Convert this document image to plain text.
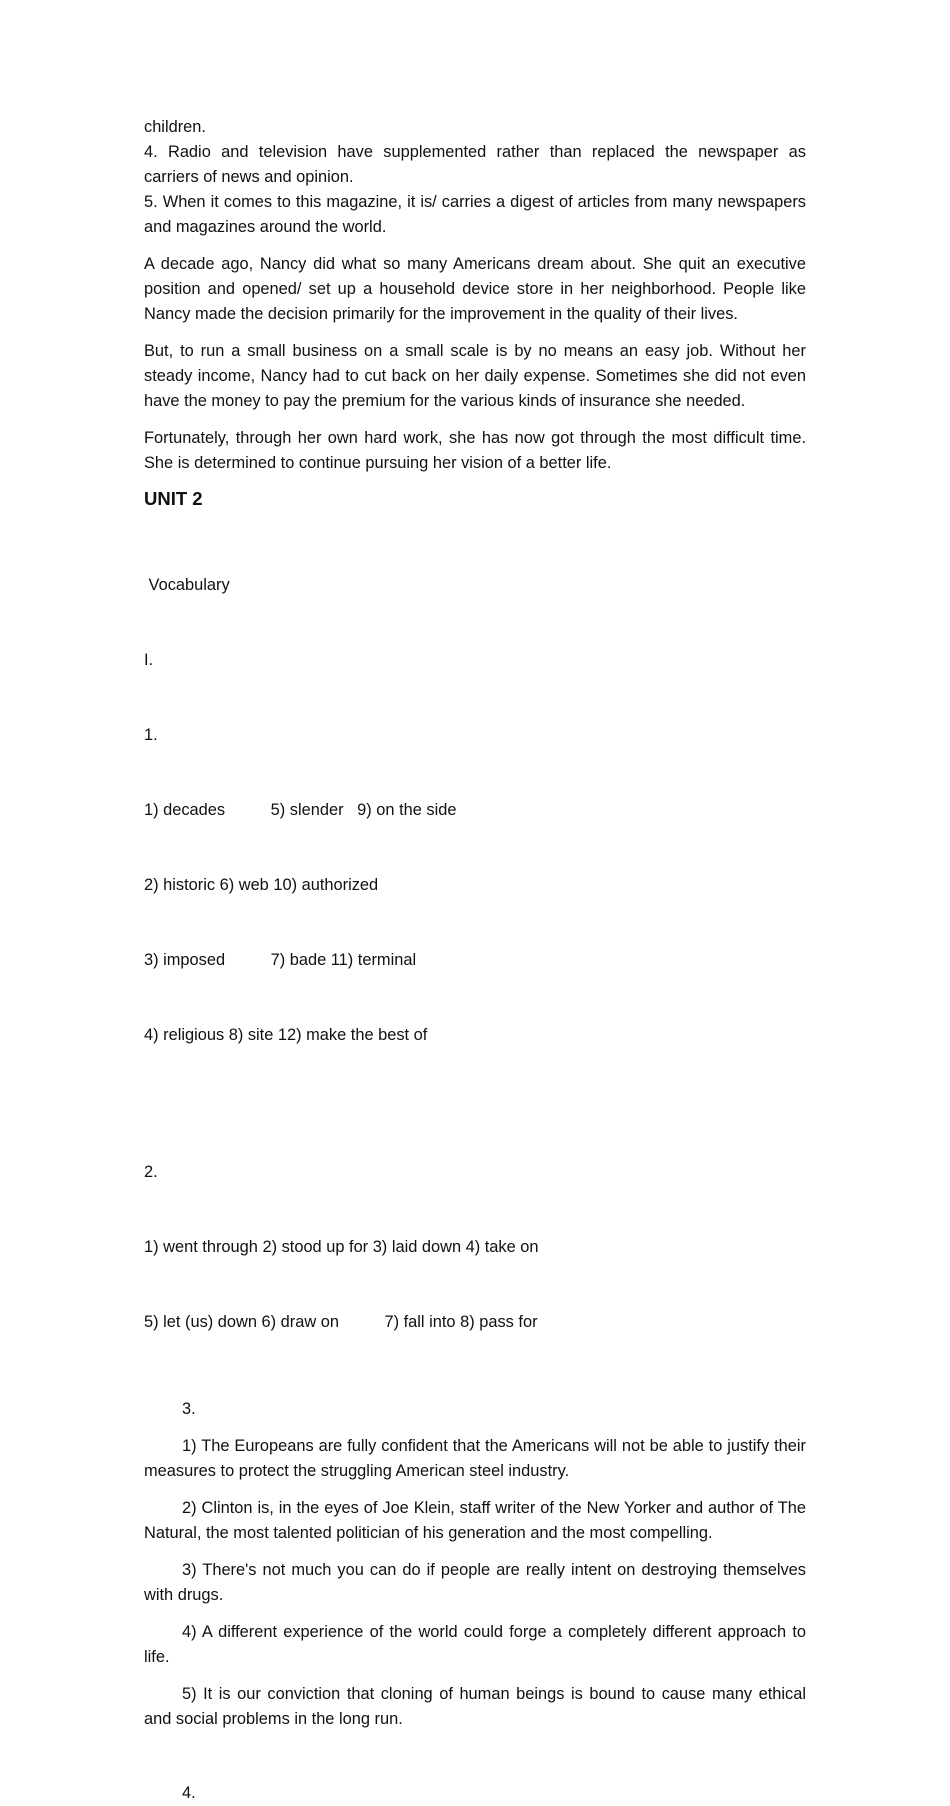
children.
4. Radio and television have supplemented rather than replaced the newspaper as
carriers of news and opinion.
5. When it comes to this magazine, it is/ carries a digest of articles from many newspapers
and magazines around the world.

A decade ago, Nancy did what so many Americans dream about. She quit an executive position and opened/ set up a household device store in her neighborhood. People like Nancy made the decision primarily for the improvement in the quality of their lives.

But, to run a small business on a small scale is by no means an easy job. Without her steady income, Nancy had to cut back on her daily expense. Sometimes she did not even have the money to pay the premium for the various kinds of insurance she needed.

Fortunately, through her own hard work, she has now got through the most difficult time. She is determined to continue pursuing her vision of a better life.

UNIT 2

Vocabulary

I.

1.

1) decades          5) slender   9) on the side

2) historic 6) web 10) authorized

3) imposed          7) bade 11) terminal

4) religious 8) site 12) make the best of

2.

1) went through 2) stood up for 3) laid down 4) take on

5) let (us) down 6) draw on          7) fall into 8) pass for

3.

1) The Europeans are fully confident that the Americans will not be able to justify their measures to protect the struggling American steel industry.

2) Clinton is, in the eyes of Joe Klein, staff writer of the New Yorker and author of The Natural, the most talented politician of his generation and the most compelling.

3) There's not much you can do if people are really intent on destroying themselves with drugs.

4) A different experience of the world could forge a completely different approach to life.

5) It is our conviction that cloning of human beings is bound to cause many ethical and social problems in the long run.

4.
